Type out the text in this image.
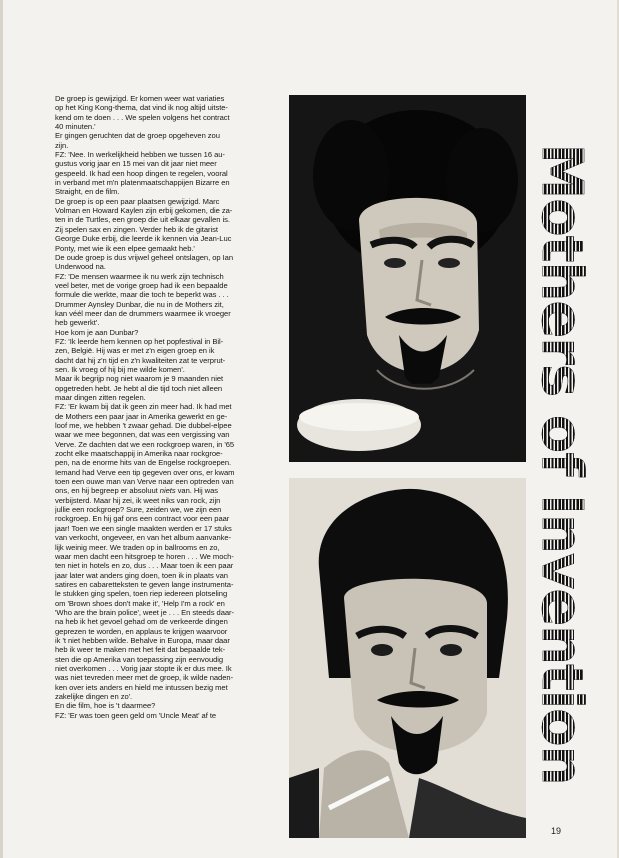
De groep is gewijzigd. Er komen weer wat variaties
op het King Kong-thema, dat vind ik nog altijd uitste-
kend om te doen . . . We spelen volgens het contract
40 minuten.'

Er gingen geruchten dat de groep opgeheven zou
zijn.

FZ: 'Nee. In werkelijkheid hebben we tussen 16 au-
gustus vorig jaar en 15 mei van dit jaar niet meer
gespeeld. Ik had een hoop dingen te regelen, vooral
in verband met m'n platenmaatschappijen Bizarre en
Straight, en de film.

De groep is op een paar plaatsen gewijzigd. Marc
Volman en Howard Kaylen zijn erbij gekomen, die za-
ten in de Turtles, een groep die uit elkaar gevallen is.
Zij spelen sax en zingen. Verder heb ik de gitarist
George Duke erbij, die leerde ik kennen via Jean-Luc
Ponty, met wie ik een elpee gemaakt heb.'

De oude groep is dus vrijwel geheel ontslagen, op Ian
Underwood na.

FZ: 'De mensen waarmee ik nu werk zijn technisch
veel beter, met de vorige groep had ik een bepaalde
formule die werkte, maar die toch te beperkt was . . .
Drummer Aynsley Dunbar, die nu in de Mothers zit,
kan véél meer dan de drummers waarmee ik vroeger
heb gewerkt'.

Hoe kom je aan Dunbar?

FZ: 'Ik leerde hem kennen op het popfestival in Bil-
zen, België. Hij was er met z'n eigen groep en ik
dacht dat hij z'n tijd en z'n kwaliteiten zat te verprut-
sen. Ik vroeg of hij bij me wilde komen'.

Maar ik begrijp nog niet waarom je 9 maanden niet
opgetreden hebt. Je hebt al die tijd toch niet alleen
maar dingen zitten regelen.

FZ: 'Er kwam bij dat ik geen zin meer had. Ik had met
de Mothers een paar jaar in Amerika gewerkt en ge-
loof me, we hebben 't zwaar gehad. Die dubbel-elpee
waar we mee begonnen, dat was een vergissing van
Verve. Ze dachten dat we een rockgroep waren, in '65
zocht elke maatschappij in Amerika naar rockgroe-
pen, na de enorme hits van de Engelse rockgroepen.
Iemand had Verve een tip gegeven over ons, er kwam
toen een ouwe man van Verve naar een optreden van
ons, en hij begreep er absoluut niets van. Hij was
verbijsterd. Maar hij zei, ik weet niks van rock, zijn
jullie een rockgroep? Sure, zeiden we, we zijn een
rockgroep. En hij gaf ons een contract voor een paar
jaar! Toen we een single maakten werden er 17 stuks
van verkocht, ongeveer, en van het album aanvanke-
lijk weinig meer. We traden op in ballrooms en zo,
waar men dacht een hitsgroep te horen . . . We moch-
ten niet in hotels en zo, dus . . . Maar toen ik een paar
jaar later wat anders ging doen, toen ik in plaats van
satires en cabaretteksten te geven lange instrumenta-
le stukken ging spelen, toen riep iedereen plotseling
om 'Brown shoes don't make it', 'Help I'm a rock' en
'Who are the brain police', weet je . . . En steeds daar-
na heb ik het gevoel gehad om de verkeerde dingen
geprezen te worden, en applaus te krijgen waarvoor
ik 't niet hebben wilde. Behalve in Europa, maar daar
heb ik weer te maken met het feit dat bepaalde tek-
sten die op Amerika van toepassing zijn eenvoudig
niet overkomen . . . Vorig jaar stopte ik er dus mee. Ik
was niet tevreden meer met de groep, ik wilde naden-
ken over iets anders en hield me intussen bezig met
zakelijke dingen en zo'.

En die film, hoe is 't daarmee?

FZ: 'Er was toen geen geld om 'Uncle Meat' af te	Mothers of Invention
19
